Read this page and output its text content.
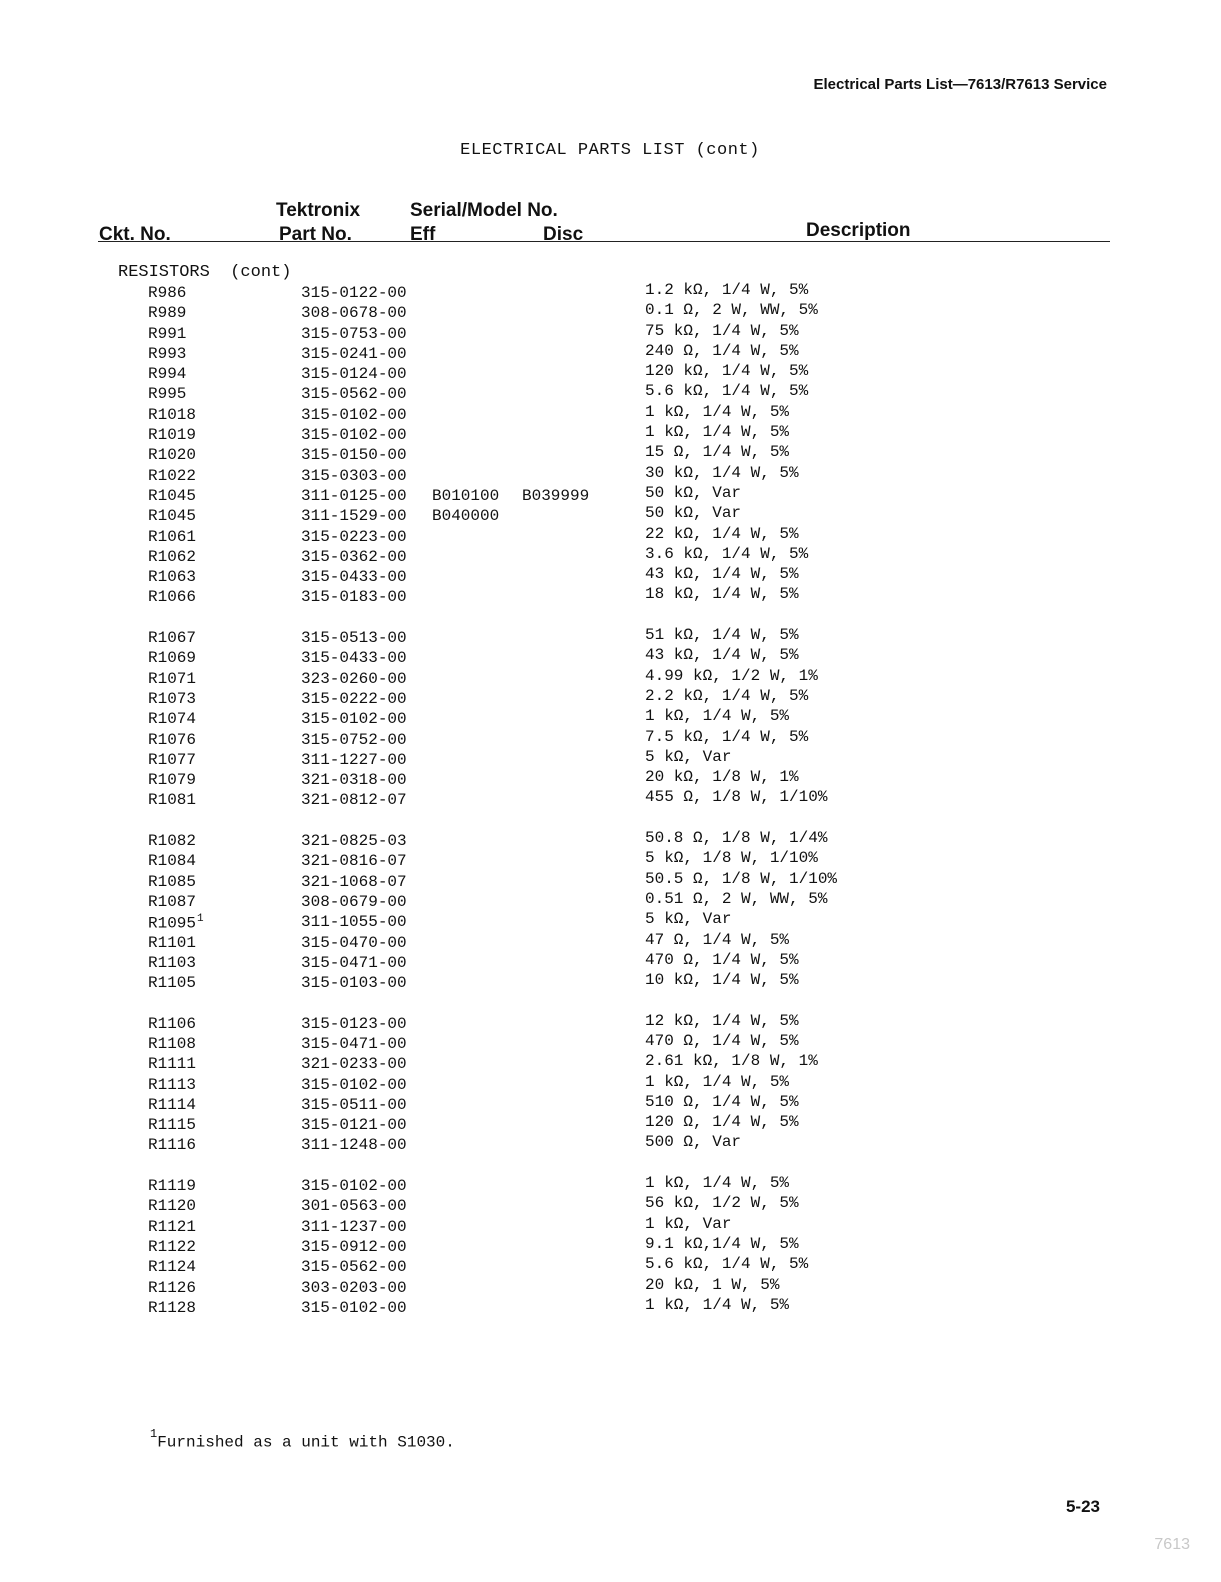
Electrical Parts List—7613/R7613 Service
ELECTRICAL PARTS LIST (cont)
Ckt. No.
Tektronix
Part No.
Serial/Model No.
Eff	Disc	Description
RESISTORS  (cont)
R986	315-0122-00	1.2 kΩ, 1/4 W, 5%
R989	308-0678-00	0.1 Ω, 2 W, WW, 5%
R991	315-0753-00	75 kΩ, 1/4 W, 5%
R993	315-0241-00	240 Ω, 1/4 W, 5%
R994	315-0124-00	120 kΩ, 1/4 W, 5%
R995	315-0562-00	5.6 kΩ, 1/4 W, 5%
R1018	315-0102-00	1 kΩ, 1/4 W, 5%
R1019	315-0102-00	1 kΩ, 1/4 W, 5%
R1020	315-0150-00	15 Ω, 1/4 W, 5%
R1022	315-0303-00	30 kΩ, 1/4 W, 5%
R1045	311-0125-00 B010100 B039999	50 kΩ, Var
R1045	311-1529-00 B040000	50 kΩ, Var
R1061	315-0223-00	22 kΩ, 1/4 W, 5%
R1062	315-0362-00	3.6 kΩ, 1/4 W, 5%
R1063	315-0433-00	43 kΩ, 1/4 W, 5%
R1066	315-0183-00	18 kΩ, 1/4 W, 5%
R1067	315-0513-00	51 kΩ, 1/4 W, 5%
R1069	315-0433-00	43 kΩ, 1/4 W, 5%
R1071	323-0260-00	4.99 kΩ, 1/2 W, 1%
R1073	315-0222-00	2.2 kΩ, 1/4 W, 5%
R1074	315-0102-00	1 kΩ, 1/4 W, 5%
R1076	315-0752-00	7.5 kΩ, 1/4 W, 5%
R1077	311-1227-00	5 kΩ, Var
R1079	321-0318-00	20 kΩ, 1/8 W, 1%
R1081	321-0812-07	455 Ω, 1/8 W, 1/10%
R1082	321-0825-03	50.8 Ω, 1/8 W, 1/4%
R1084	321-0816-07	5 kΩ, 1/8 W, 1/10%
R1085	321-1068-07	50.5 Ω, 1/8 W, 1/10%
R1087	308-0679-00	0.51 Ω, 2 W, WW, 5%
R1095$^1$	311-1055-00	5 kΩ, Var
R1101	315-0470-00	47 Ω, 1/4 W, 5%
R1103	315-0471-00	470 Ω, 1/4 W, 5%
R1105	315-0103-00	10 kΩ, 1/4 W, 5%
R1106	315-0123-00	12 kΩ, 1/4 W, 5%
R1108	315-0471-00	470 Ω, 1/4 W, 5%
R1111	321-0233-00	2.61 kΩ, 1/8 W, 1%
R1113	315-0102-00	1 kΩ, 1/4 W, 5%
R1114	315-0511-00	510 Ω, 1/4 W, 5%
R1115	315-0121-00	120 Ω, 1/4 W, 5%
R1116	311-1248-00	500 Ω, Var
R1119	315-0102-00	1 kΩ, 1/4 W, 5%
R1120	301-0563-00	56 kΩ, 1/2 W, 5%
R1121	311-1237-00	1 kΩ, Var
R1122	315-0912-00	9.1 kΩ,1/4 W, 5%
R1124	315-0562-00	5.6 kΩ, 1/4 W, 5%
R1126	303-0203-00	20 kΩ, 1 W, 5%
R1128	315-0102-00	1 kΩ, 1/4 W, 5%
$^1$Furnished as a unit with S1030.
5-23
7613
